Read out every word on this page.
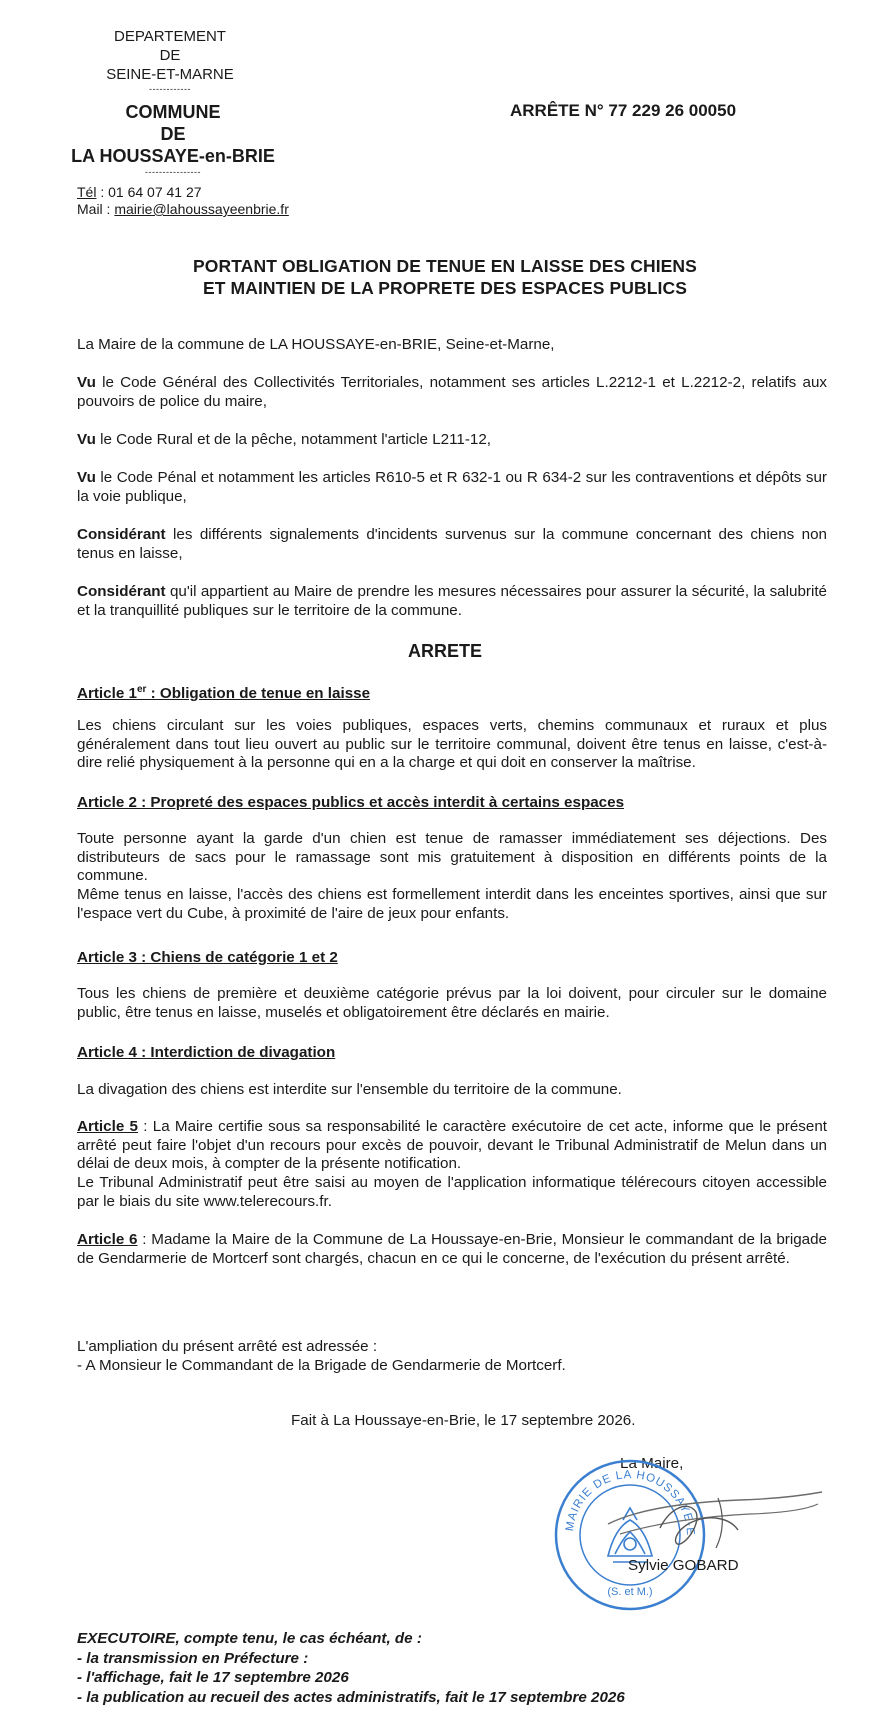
DEPARTEMENT
DE
SEINE-ET-MARNE
------------
COMMUNE
DE
LA HOUSSAYE-en-BRIE
----------------
Tél : 01 64 07 41 27
Mail : mairie@lahoussayeenbrie.fr
ARRÊTE N° 77 229 26 00050
PORTANT OBLIGATION DE TENUE EN LAISSE DES CHIENS
ET MAINTIEN DE LA PROPRETE DES ESPACES PUBLICS
La Maire de la commune de LA HOUSSAYE-en-BRIE, Seine-et-Marne,
Vu le Code Général des Collectivités Territoriales, notamment ses articles L.2212-1 et L.2212-2, relatifs aux pouvoirs de police du maire,
Vu le Code Rural et de la pêche, notamment l'article L211-12,
Vu le Code Pénal et notamment les articles R610-5 et R 632-1 ou R 634-2 sur les contraventions et dépôts sur la voie publique,
Considérant les différents signalements d'incidents survenus sur la commune concernant des chiens non tenus en laisse,
Considérant qu'il appartient au Maire de prendre les mesures nécessaires pour assurer la sécurité, la salubrité et la tranquillité publiques sur le territoire de la commune.
ARRETE
Article 1er : Obligation de tenue en laisse
Les chiens circulant sur les voies publiques, espaces verts, chemins communaux et ruraux et plus généralement dans tout lieu ouvert au public sur le territoire communal, doivent être tenus en laisse, c'est-à-dire relié physiquement à la personne qui en a la charge et qui doit en conserver la maîtrise.
Article 2 : Propreté des espaces publics et accès interdit à certains espaces
Toute personne ayant la garde d'un chien est tenue de ramasser immédiatement ses déjections. Des distributeurs de sacs pour le ramassage sont mis gratuitement à disposition en différents points de la commune.
Même tenus en laisse, l'accès des chiens est formellement interdit dans les enceintes sportives, ainsi que sur l'espace vert du Cube, à proximité de l'aire de jeux pour enfants.
Article 3 : Chiens de catégorie 1 et 2
Tous les chiens de première et deuxième catégorie prévus par la loi doivent, pour circuler sur le domaine public, être tenus en laisse, muselés et obligatoirement être déclarés en mairie.
Article 4 : Interdiction de divagation
La divagation des chiens est interdite sur l'ensemble du territoire de la commune.
Article 5 : La Maire certifie sous sa responsabilité le caractère exécutoire de cet acte, informe que le présent arrêté peut faire l'objet d'un recours pour excès de pouvoir, devant le Tribunal Administratif de Melun dans un délai de deux mois, à compter de la présente notification.
Le Tribunal Administratif peut être saisi au moyen de l'application informatique télérecours citoyen accessible par le biais du site www.telerecours.fr.
Article 6 : Madame la Maire de la Commune de La Houssaye-en-Brie, Monsieur le commandant de la brigade de Gendarmerie de Mortcerf sont chargés, chacun en ce qui le concerne, de l'exécution du présent arrêté.
L'ampliation du présent arrêté est adressée :
- A Monsieur le Commandant de la Brigade de Gendarmerie de Mortcerf.
Fait à La Houssaye-en-Brie, le 17 septembre 2026.
La Maire,
MAIRIE DE LA HOUSSAYE-E
(S. et M.)
Sylvie GOBARD
EXECUTOIRE, compte tenu, le cas échéant, de :
- la transmission en Préfecture :
- l'affichage, fait le 17 septembre 2026
- la publication au recueil des actes administratifs, fait le 17 septembre 2026
